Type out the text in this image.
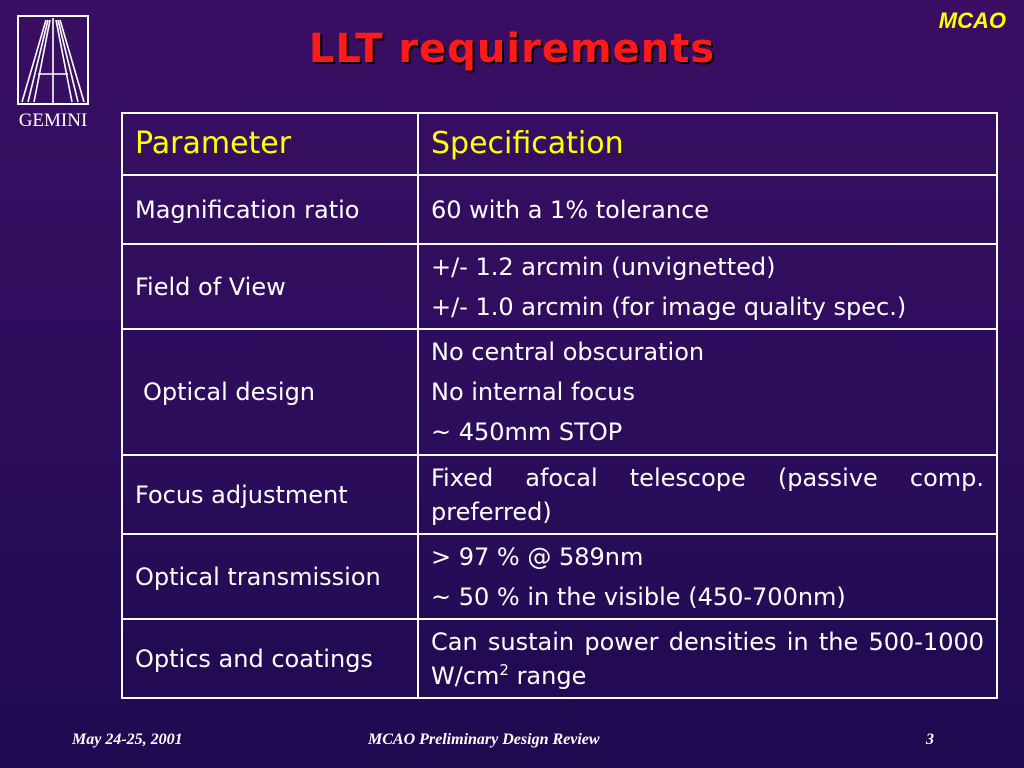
GEMINI
MCAO
LLT requirements
Parameter	Specification
Magnification ratio	60 with a 1% tolerance
Field of View	+/- 1.2 arcmin (unvignetted)
+/- 1.0 arcmin (for image quality spec.)

Optical design	No central obscuration
No internal focus
~ 450mm STOP

Focus adjustment	Fixed afocal telescope (passive comp. preferred)
Optical transmission	> 97 % @ 589nm
~ 50 % in the visible (450-700nm)

Optics and coatings	Can sustain power densities in the 500-1000 $W/cm^2$ range
May 24-25, 2001	MCAO Preliminary Design Review	3
